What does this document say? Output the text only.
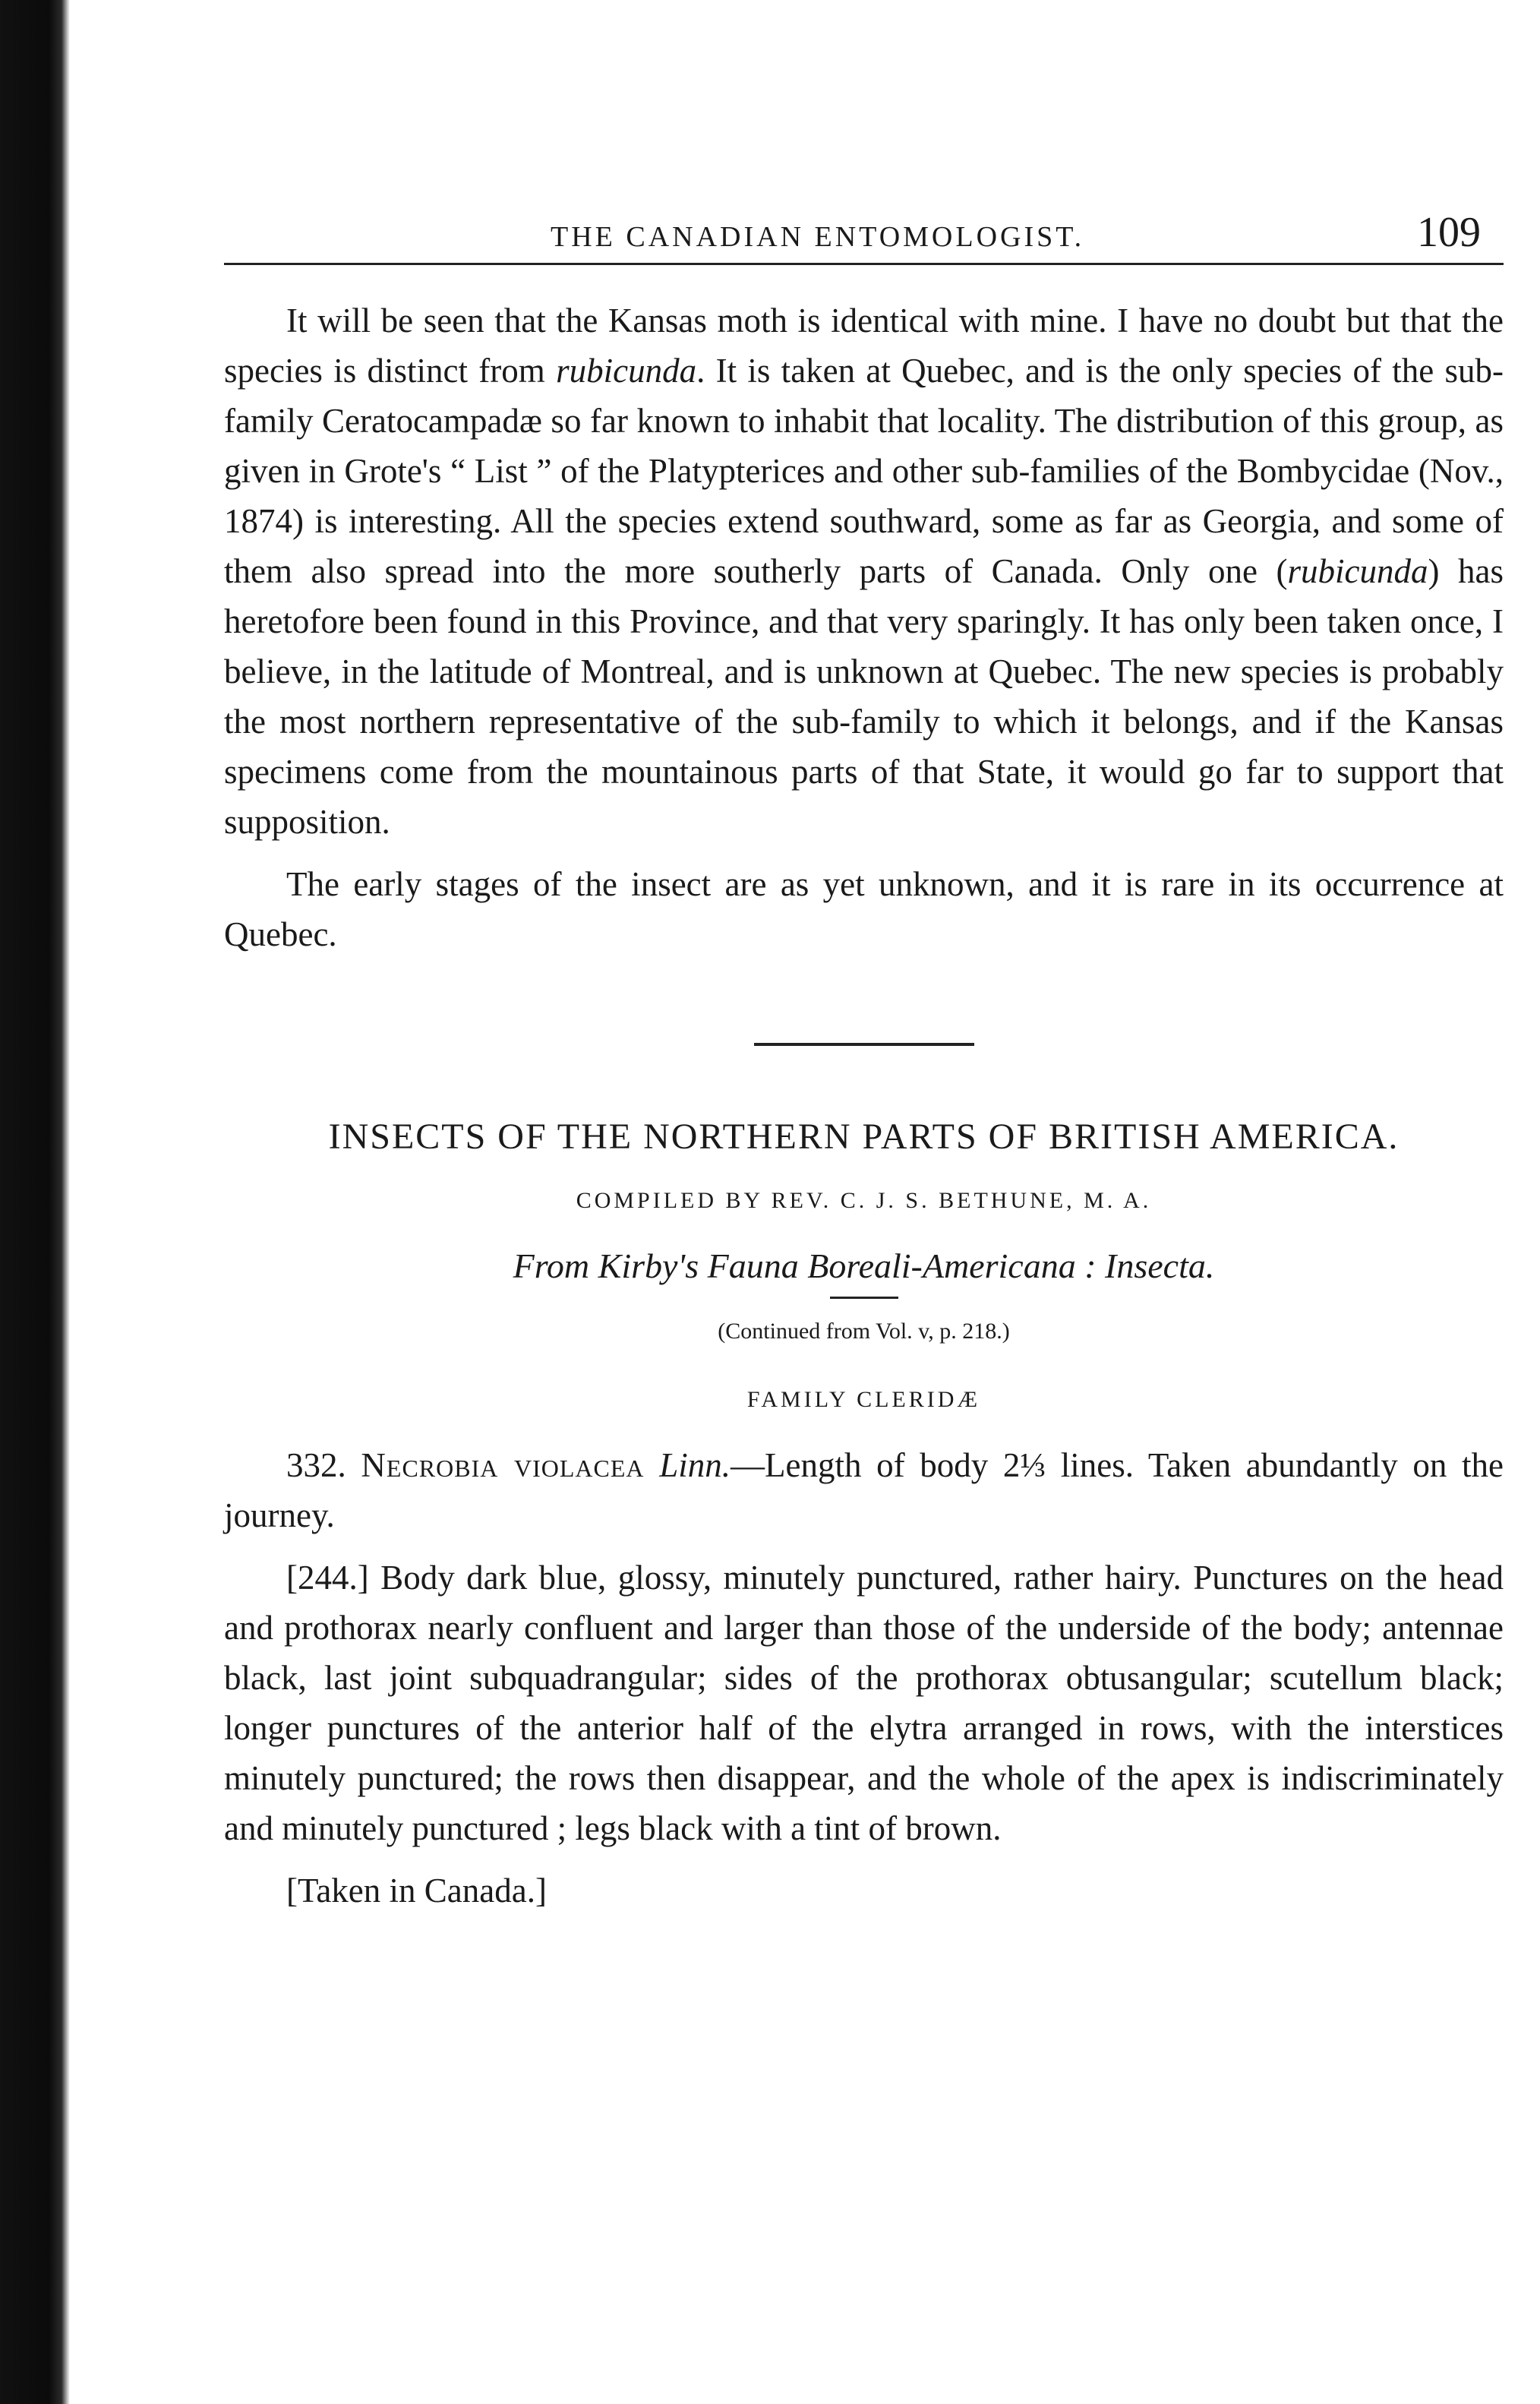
THE CANADIAN ENTOMOLOGIST.	109

It will be seen that the Kansas moth is identical with mine. I have no doubt but that the species is distinct from rubicunda. It is taken at Quebec, and is the only species of the sub-family Ceratocampadæ so far known to inhabit that locality. The distribution of this group, as given in Grote's “ List ” of the Platypterices and other sub-families of the Bombycidae (Nov., 1874) is interesting. All the species extend southward, some as far as Georgia, and some of them also spread into the more southerly parts of Canada. Only one (rubicunda) has heretofore been found in this Province, and that very sparingly. It has only been taken once, I believe, in the latitude of Montreal, and is unknown at Quebec. The new species is probably the most northern representative of the sub-family to which it belongs, and if the Kansas specimens come from the mountainous parts of that State, it would go far to support that supposition.

The early stages of the insect are as yet unknown, and it is rare in its occurrence at Quebec.

INSECTS OF THE NORTHERN PARTS OF BRITISH AMERICA.

COMPILED BY REV. C. J. S. BETHUNE, M. A.
From Kirby's Fauna Boreali-Americana : Insecta.
(Continued from Vol. v, p. 218.)
FAMILY CLERIDÆ

332. Necrobia violacea Linn.—Length of body 2⅓ lines. Taken abundantly on the journey.

[244.] Body dark blue, glossy, minutely punctured, rather hairy. Punctures on the head and prothorax nearly confluent and larger than those of the underside of the body; antennae black, last joint subquadrangular; sides of the prothorax obtusangular; scutellum black; longer punctures of the anterior half of the elytra arranged in rows, with the interstices minutely punctured; the rows then disappear, and the whole of the apex is indiscriminately and minutely punctured ; legs black with a tint of brown.

[Taken in Canada.]
